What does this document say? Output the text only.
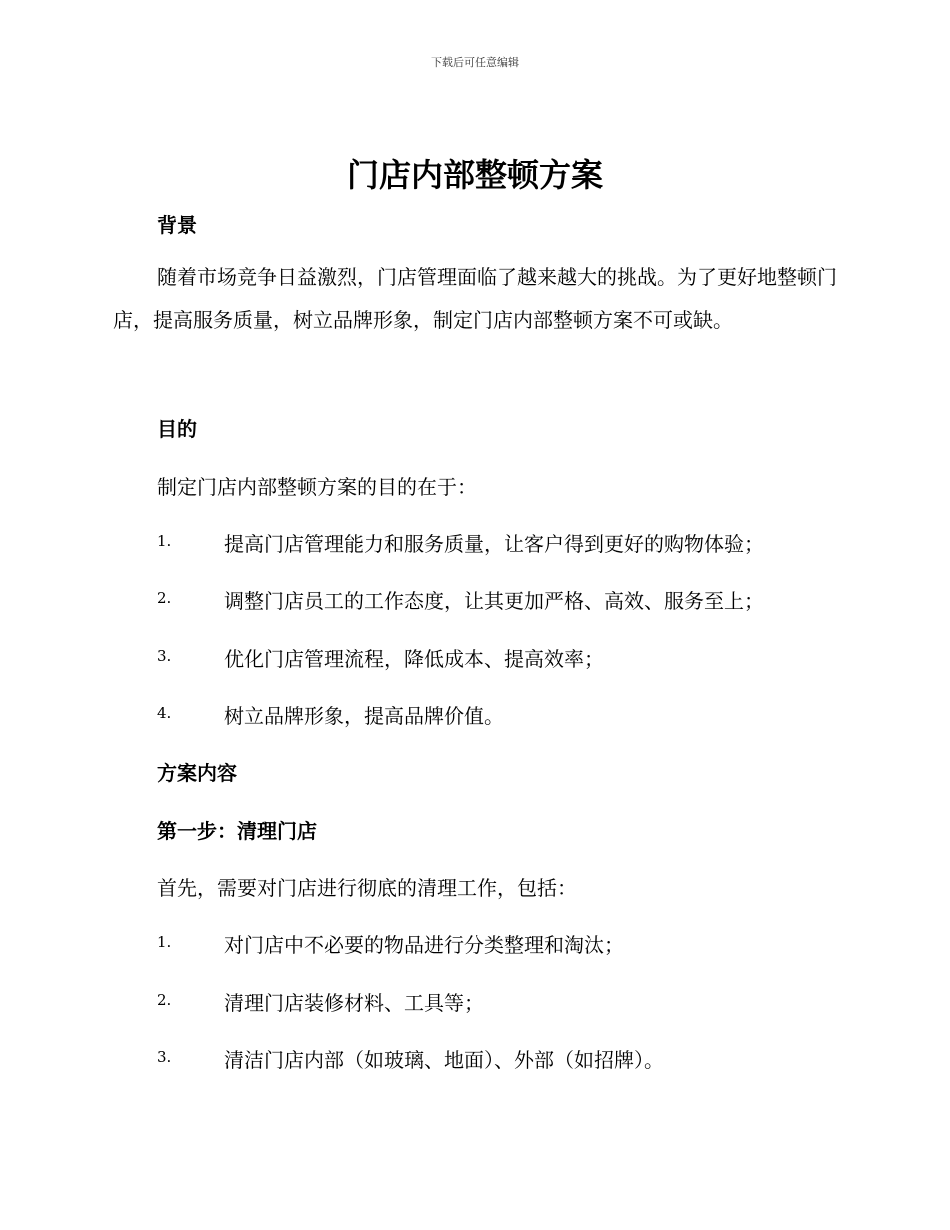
下载后可任意编辑
门店内部整顿方案
背景

随着市场竞争日益激烈，门店管理面临了越来越大的挑战。为了更好地整顿门店，提高服务质量，树立品牌形象，制定门店内部整顿方案不可或缺。

目的

制定门店内部整顿方案的目的在于：

1.	提高门店管理能力和服务质量，让客户得到更好的购物体验；
2.	调整门店员工的工作态度，让其更加严格、高效、服务至上；
3.	优化门店管理流程，降低成本、提高效率；
4.	树立品牌形象，提高品牌价值。
方案内容
第一步：清理门店

首先，需要对门店进行彻底的清理工作，包括：

1.	对门店中不必要的物品进行分类整理和淘汰；
2.	清理门店装修材料、工具等；
3.	清洁门店内部（如玻璃、地面）、外部（如招牌）。
